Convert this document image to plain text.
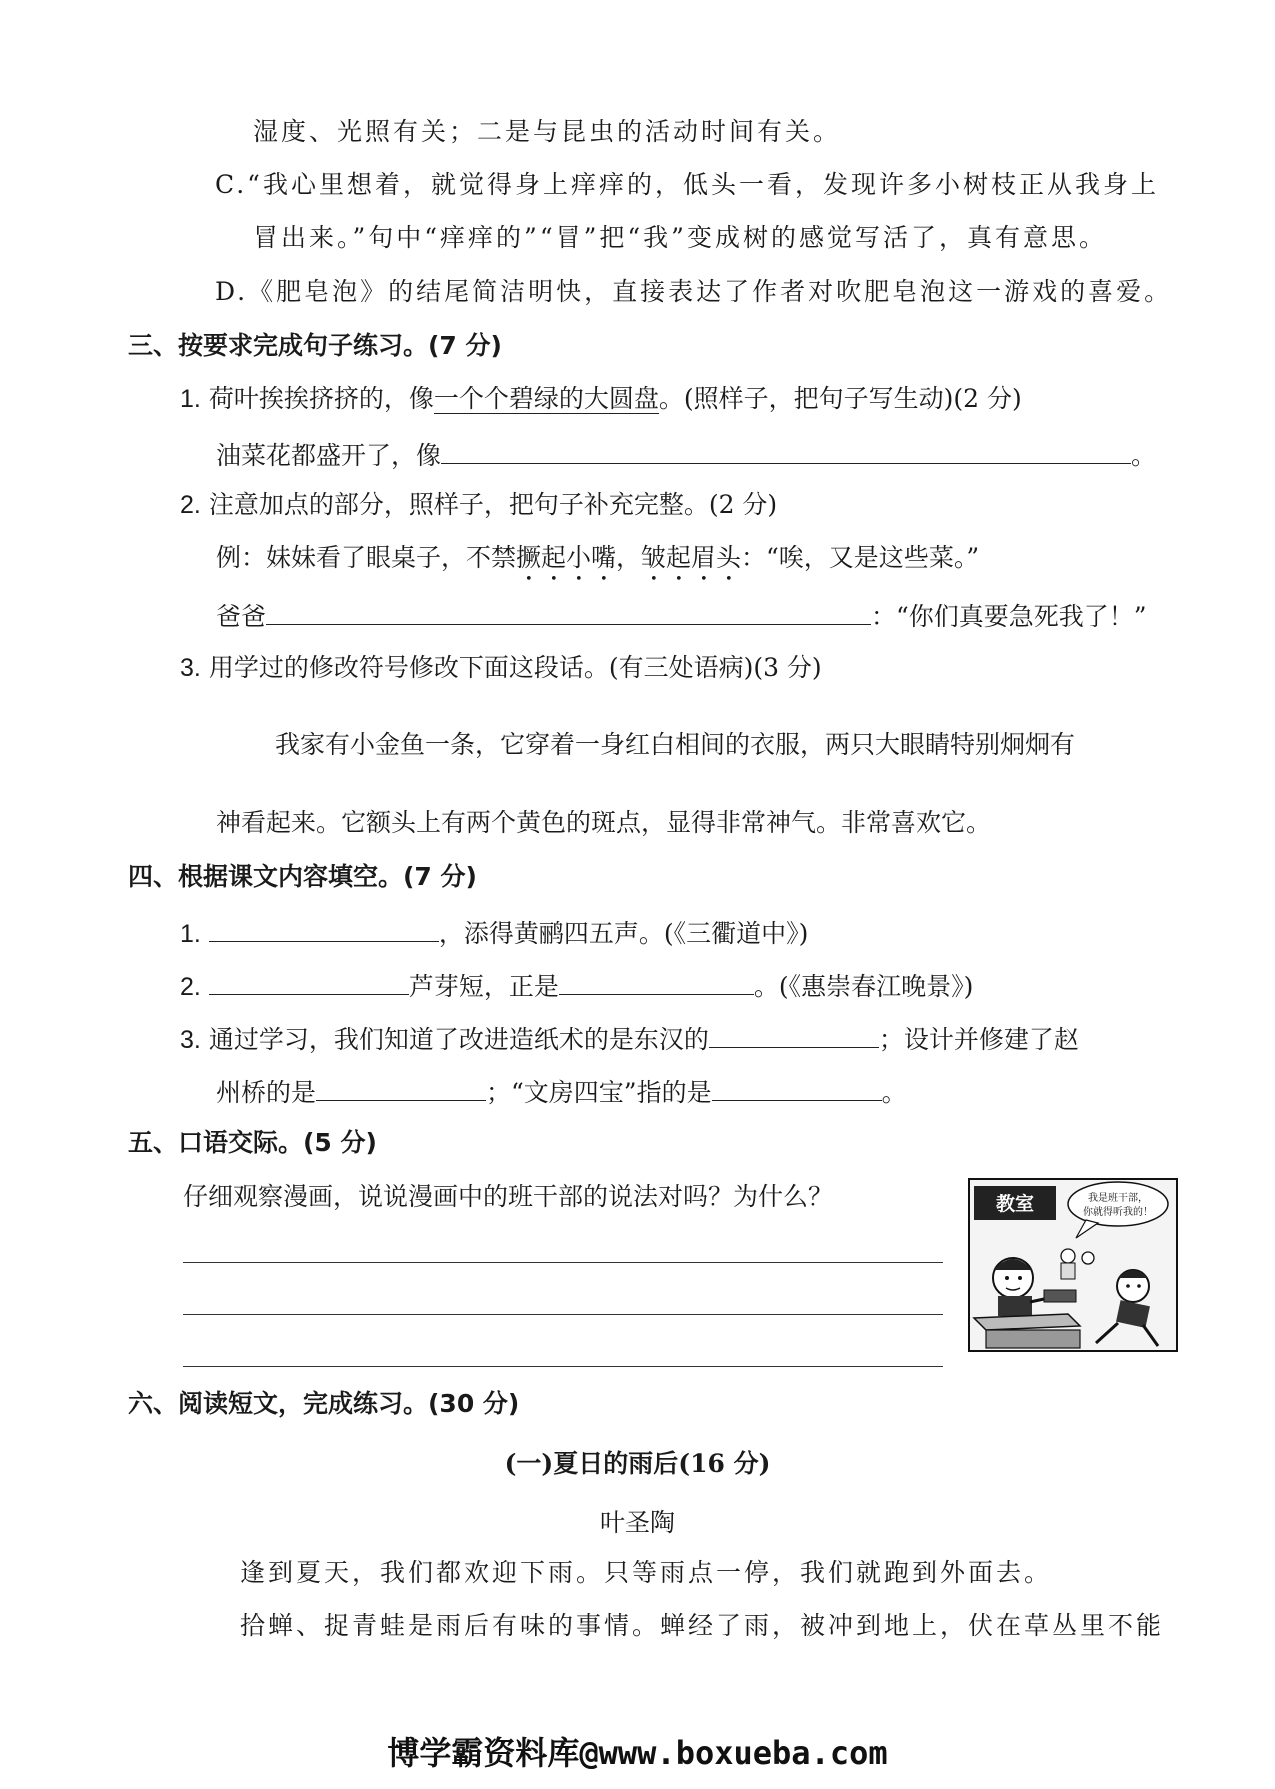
湿度、光照有关；二是与昆虫的活动时间有关。
C.“我心里想着，就觉得身上痒痒的，低头一看，发现许多小树枝正从我身上
冒出来。”句中“痒痒的”“冒”把“我”变成树的感觉写活了，真有意思。
D.《肥皂泡》的结尾简洁明快，直接表达了作者对吹肥皂泡这一游戏的喜爱。
三、按要求完成句子练习。(7 分)
1. 荷叶挨挨挤挤的，像一个个碧绿的大圆盘。(照样子，把句子写生动)(2 分)
油菜花都盛开了，像	。
2. 注意加点的部分，照样子，把句子补充完整。(2 分)
例：妹妹看了眼桌子，不禁撅起小嘴，皱起眉头：“唉，又是这些菜。”
爸爸	：“你们真要急死我了！”
3. 用学过的修改符号修改下面这段话。(有三处语病)(3 分)
我家有小金鱼一条，它穿着一身红白相间的衣服，两只大眼睛特别炯炯有
神看起来。它额头上有两个黄色的斑点，显得非常神气。非常喜欢它。
四、根据课文内容填空。(7 分)
1.	，添得黄鹂四五声。(《三衢道中》)
2.	芦芽短，正是	。(《惠崇春江晚景》)
3. 通过学习，我们知道了改进造纸术的是东汉的	；设计并修建了赵
州桥的是	；“文房四宝”指的是	。
五、口语交际。(5 分)
仔细观察漫画，说说漫画中的班干部的说法对吗？为什么？	教室	我是班干部，
你就得听我的！
六、阅读短文，完成练习。(30 分)
(一)夏日的雨后(16 分)
叶圣陶
逢到夏天，我们都欢迎下雨。只等雨点一停，我们就跑到外面去。
拾蝉、捉青蛙是雨后有味的事情。蝉经了雨，被冲到地上，伏在草丛里不能
博学霸资料库@www.boxueba.com
